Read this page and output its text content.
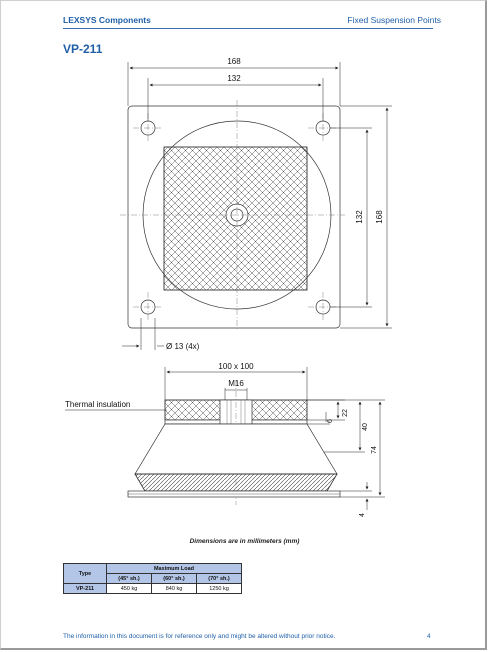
LEXSYS Components	Fixed Suspension Points
VP-211
168
132
132 168
Ø 13 (4x)
100 x 100
M16
Thermal insulation
6
22
40
74
4
Dimensions are in millimeters (mm)
Type	Maximum Load		
	(45° sh.)	(60° sh.)	(70° sh.)
VP-211	450 kg	840 kg	1250 kg
The information in this document is for reference only and might be altered without prior notice.	4
